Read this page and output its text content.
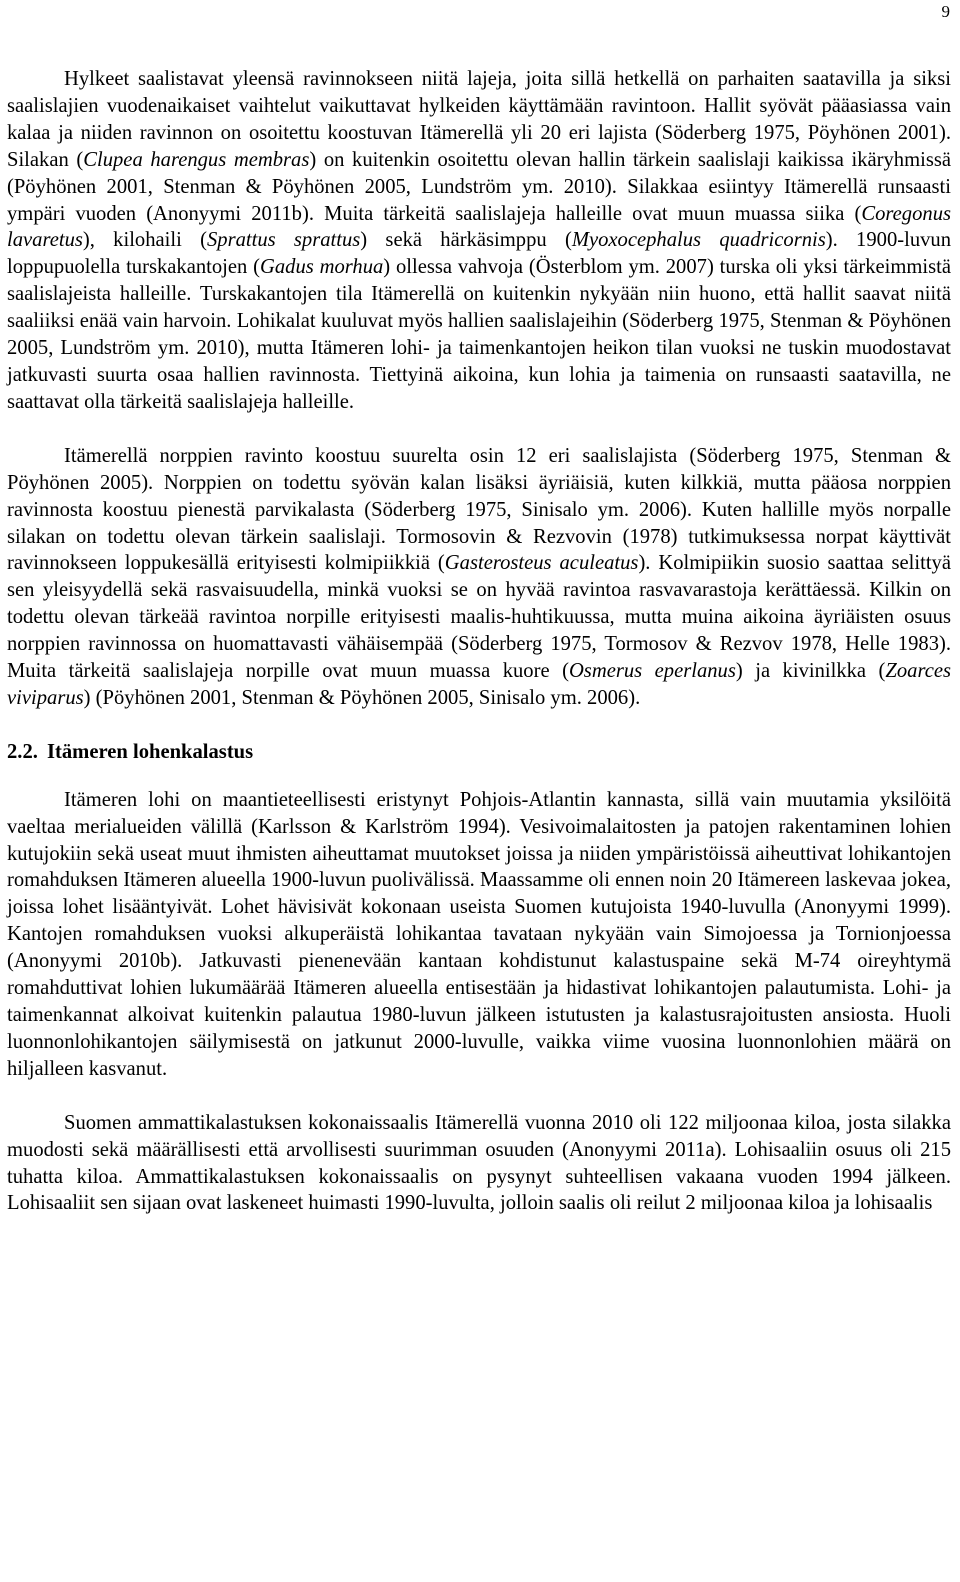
9

Hylkeet saalistavat yleensä ravinnokseen niitä lajeja, joita sillä hetkellä on parhaiten saatavilla ja siksi saalislajien vuodenaikaiset vaihtelut vaikuttavat hylkeiden käyttämään ravintoon. Hallit syövät pääasiassa vain kalaa ja niiden ravinnon on osoitettu koostuvan Itämerellä yli 20 eri lajista (Söderberg 1975, Pöyhönen 2001). Silakan (Clupea harengus membras) on kuitenkin osoitettu olevan hallin tärkein saalislaji kaikissa ikäryhmissä (Pöyhönen 2001, Stenman & Pöyhönen 2005, Lundström ym. 2010). Silakkaa esiintyy Itämerellä runsaasti ympäri vuoden (Anonyymi 2011b). Muita tärkeitä saalislajeja halleille ovat muun muassa siika (Coregonus lavaretus), kilohaili (Sprattus sprattus) sekä härkäsimppu (Myoxocephalus quadricornis). 1900-luvun loppupuolella turskakantojen (Gadus morhua) ollessa vahvoja (Österblom ym. 2007) turska oli yksi tärkeimmistä saalislajeista halleille. Turskakantojen tila Itämerellä on kuitenkin nykyään niin huono, että hallit saavat niitä saaliiksi enää vain harvoin. Lohikalat kuuluvat myös hallien saalislajeihin (Söderberg 1975, Stenman & Pöyhönen 2005, Lundström ym. 2010), mutta Itämeren lohi- ja taimenkantojen heikon tilan vuoksi ne tuskin muodostavat jatkuvasti suurta osaa hallien ravinnosta. Tiettyinä aikoina, kun lohia ja taimenia on runsaasti saatavilla, ne saattavat olla tärkeitä saalislajeja halleille.

Itämerellä norppien ravinto koostuu suurelta osin 12 eri saalislajista (Söderberg 1975, Stenman & Pöyhönen 2005). Norppien on todettu syövän kalan lisäksi äyriäisiä, kuten kilkkiä, mutta pääosa norppien ravinnosta koostuu pienestä parvikalasta (Söderberg 1975, Sinisalo ym. 2006). Kuten hallille myös norpalle silakan on todettu olevan tärkein saalislaji. Tormosovin & Rezvovin (1978) tutkimuksessa norpat käyttivät ravinnokseen loppukesällä erityisesti kolmipiikkiä (Gasterosteus aculeatus). Kolmipiikin suosio saattaa selittyä sen yleisyydellä sekä rasvaisuudella, minkä vuoksi se on hyvää ravintoa rasvavarastoja kerättäessä. Kilkin on todettu olevan tärkeää ravintoa norpille erityisesti maalis-huhtikuussa, mutta muina aikoina äyriäisten osuus norppien ravinnossa on huomattavasti vähäisempää (Söderberg 1975, Tormosov & Rezvov 1978, Helle 1983). Muita tärkeitä saalislajeja norpille ovat muun muassa kuore (Osmerus eperlanus) ja kivinilkka (Zoarces viviparus) (Pöyhönen 2001, Stenman & Pöyhönen 2005, Sinisalo ym. 2006).

2.2. Itämeren lohenkalastus

Itämeren lohi on maantieteellisesti eristynyt Pohjois-Atlantin kannasta, sillä vain muutamia yksilöitä vaeltaa merialueiden välillä (Karlsson & Karlström 1994). Vesivoimalaitosten ja patojen rakentaminen lohien kutujokiin sekä useat muut ihmisten aiheuttamat muutokset joissa ja niiden ympäristöissä aiheuttivat lohikantojen romahduksen Itämeren alueella 1900-luvun puolivälissä. Maassamme oli ennen noin 20 Itämereen laskevaa jokea, joissa lohet lisääntyivät. Lohet hävisivät kokonaan useista Suomen kutujoista 1940-luvulla (Anonyymi 1999). Kantojen romahduksen vuoksi alkuperäistä lohikantaa tavataan nykyään vain Simojoessa ja Tornionjoessa (Anonyymi 2010b). Jatkuvasti pienenevään kantaan kohdistunut kalastuspaine sekä M-74 oireyhtymä romahduttivat lohien lukumäärää Itämeren alueella entisestään ja hidastivat lohikantojen palautumista. Lohi- ja taimenkannat alkoivat kuitenkin palautua 1980-luvun jälkeen istutusten ja kalastusrajoitusten ansiosta. Huoli luonnonlohikantojen säilymisestä on jatkunut 2000-luvulle, vaikka viime vuosina luonnonlohien määrä on hiljalleen kasvanut.

Suomen ammattikalastuksen kokonaissaalis Itämerellä vuonna 2010 oli 122 miljoonaa kiloa, josta silakka muodosti sekä määrällisesti että arvollisesti suurimman osuuden (Anonyymi 2011a). Lohisaaliin osuus oli 215 tuhatta kiloa. Ammattikalastuksen kokonaissaalis on pysynyt suhteellisen vakaana vuoden 1994 jälkeen. Lohisaaliit sen sijaan ovat laskeneet huimasti 1990-luvulta, jolloin saalis oli reilut 2 miljoonaa kiloa ja lohisaalis
